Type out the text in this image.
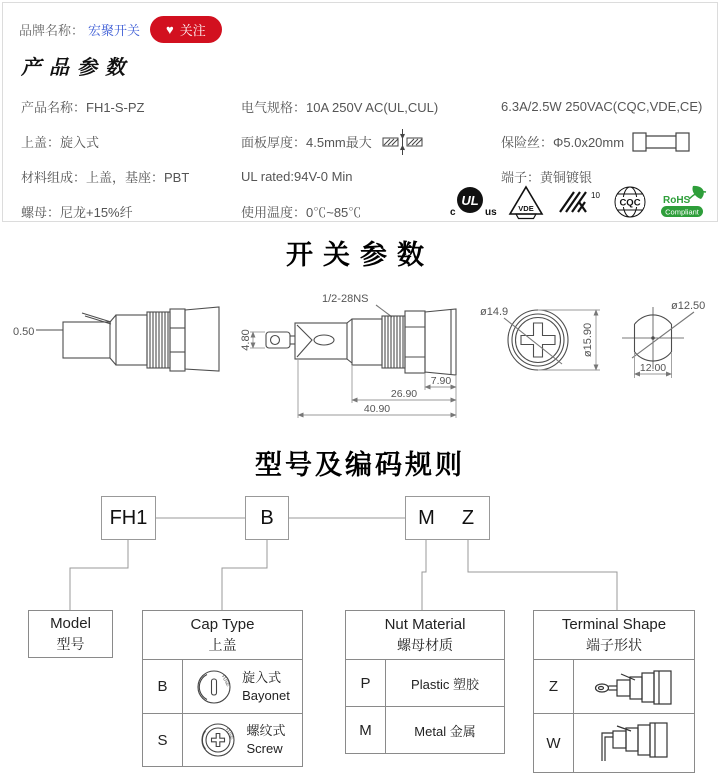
品牌名称： 宏聚开关 ♥ 关注
产品参数
产品名称：FH1-S-PZ
上盖：旋入式
材料组成：上盖，基座：PBT
螺母：尼龙+15%纤
电气规格：10A 250V AC(UL,CUL)
面板厚度：4.5mm最大
UL rated:94V-0 Min
使用温度：0℃~85℃
6.3A/2.5W 250VAC(CQC,VDE,CE)
保险丝：Φ5.0x20mm
端子：黄铜镀银
UL
c	us	VDE
10
CQC RoHS
Compliant
开关参数
0.50
1/2-28NS
4.80
7.90
26.90
40.90
ø14.9
ø15.90
ø12.50
12.00
型号及编码规则
FH1	B	M	Z
Model
型号
Cap Type
上盖
B	FUSE 旋入式
Bayonet
S	FUSE 螺纹式
Screw
Nut Material
螺母材质
P	Plastic 塑胶
M	Metal 金属
Terminal Shape
端子形状
Z
W
